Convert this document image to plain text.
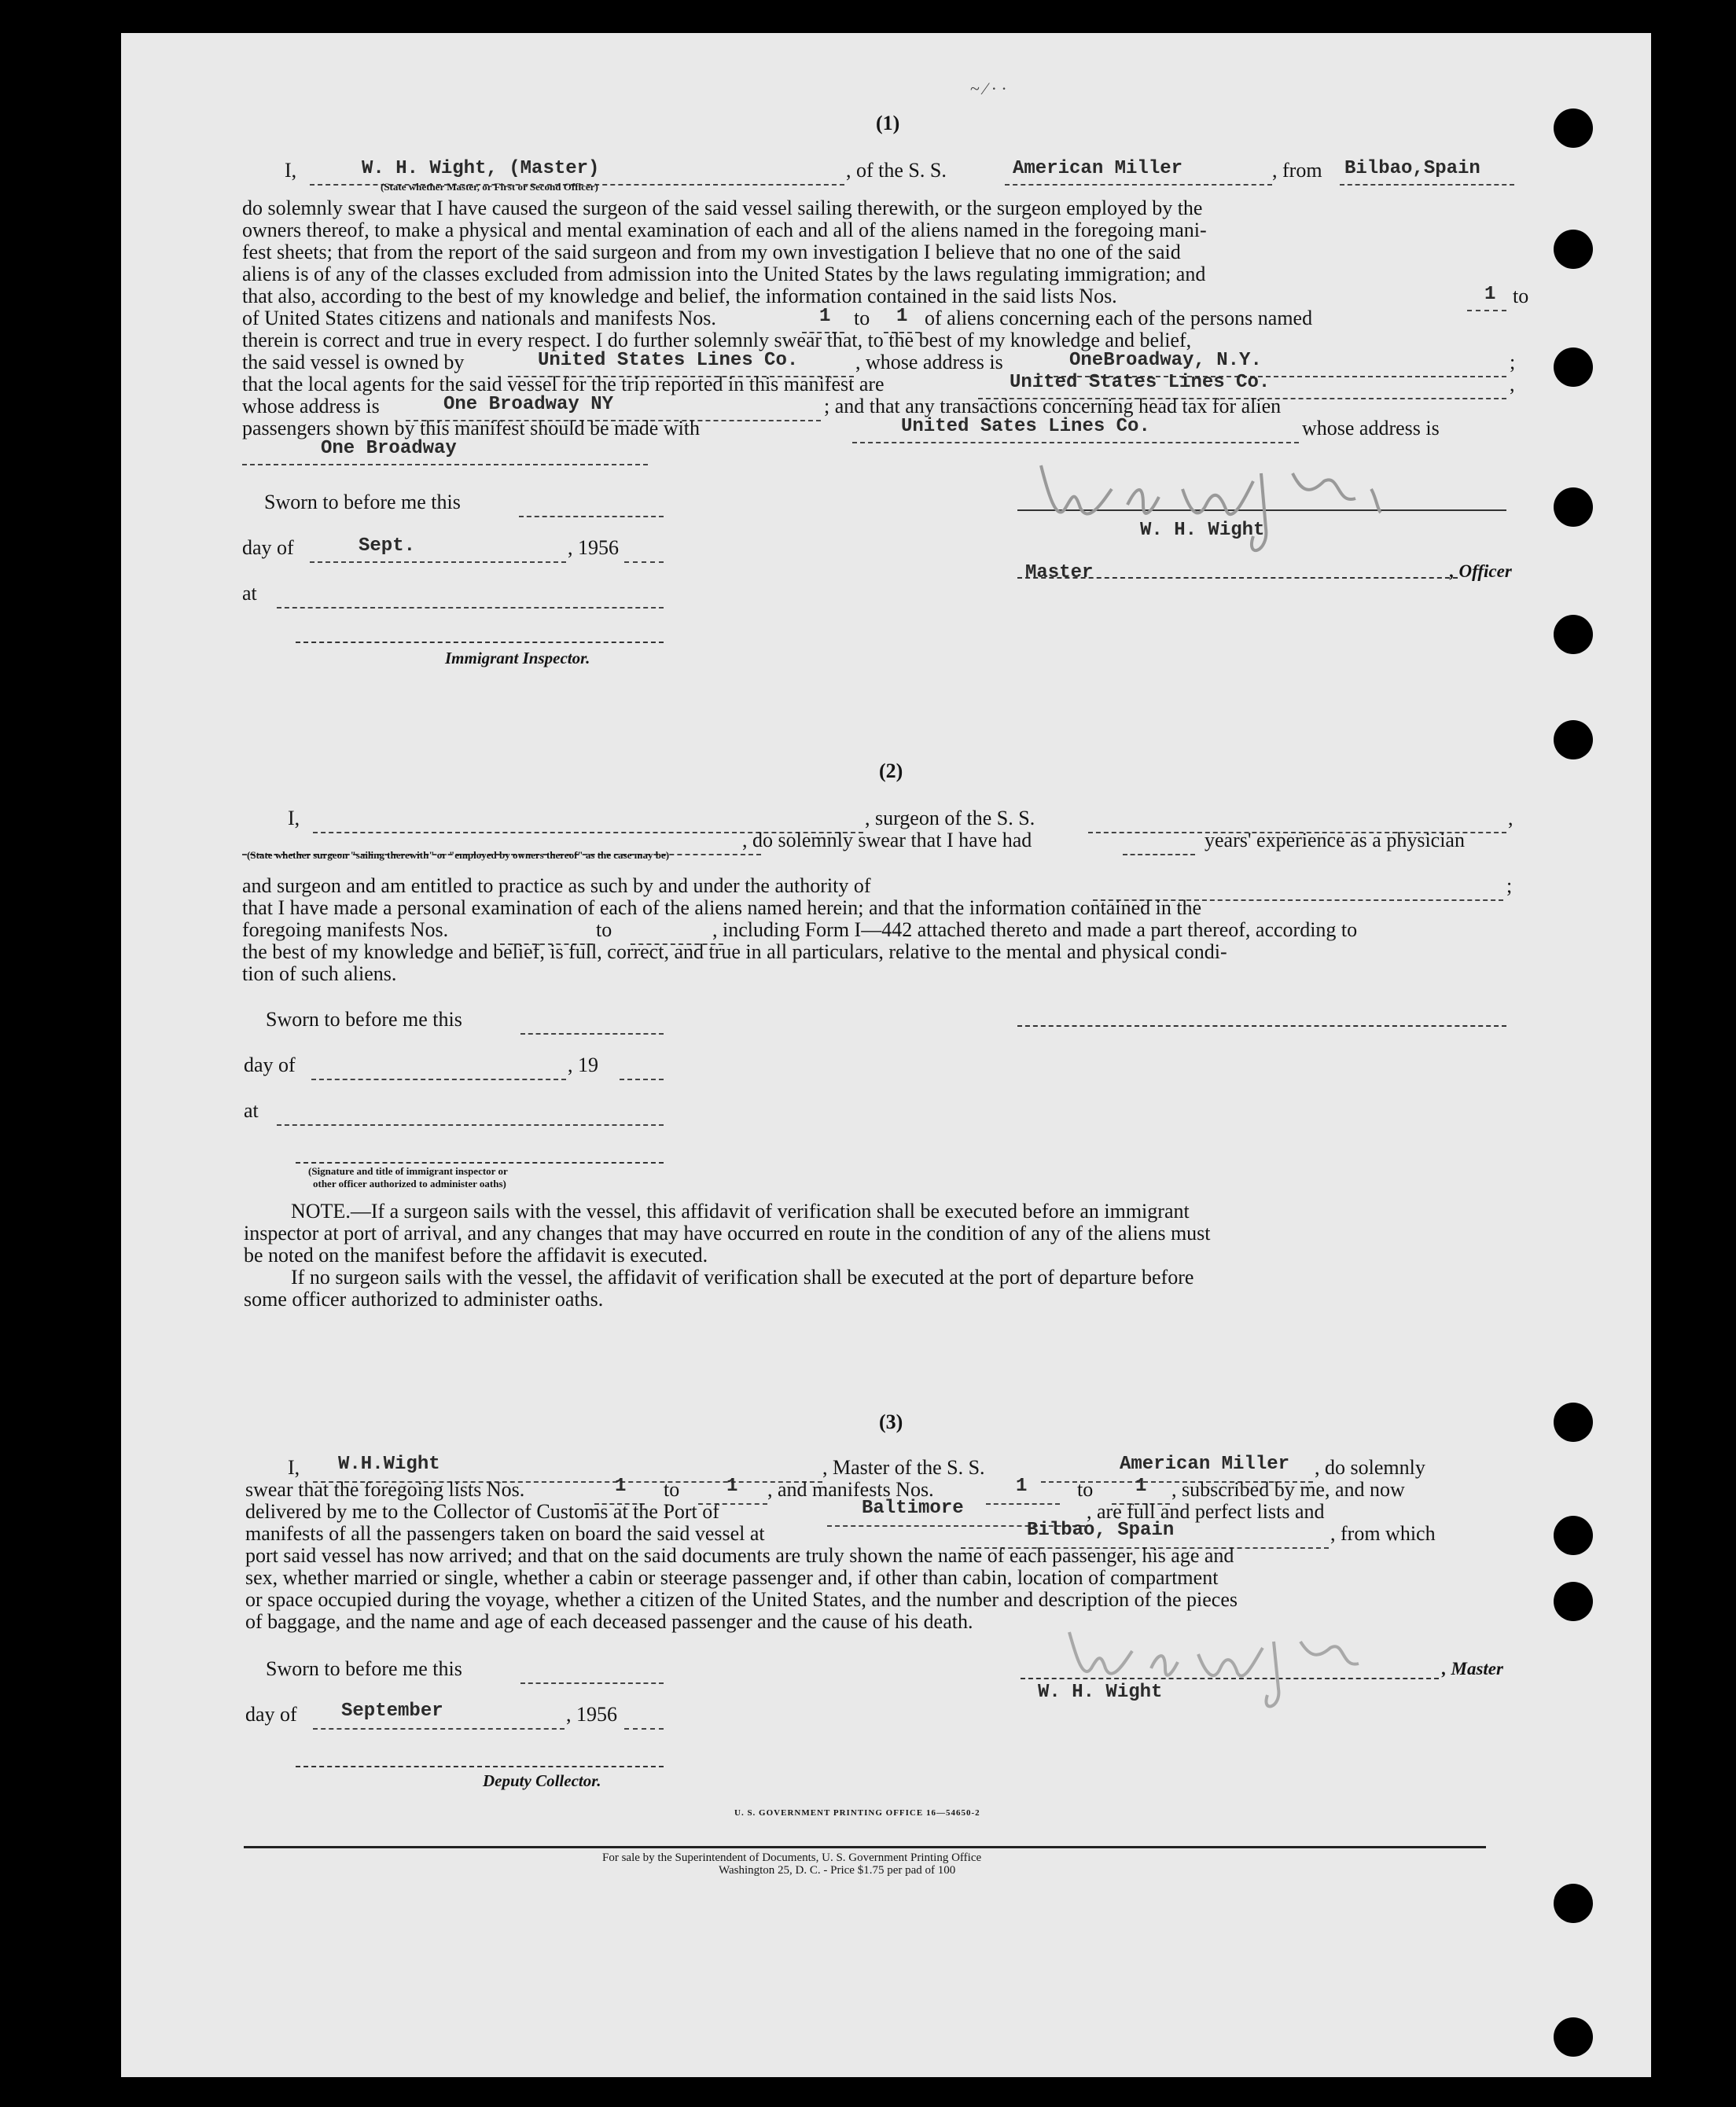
~ ⁄ · ·
(1)
I,	W. H. Wight, (Master)	, of the S. S.	American Miller	, from Bilbao,Spain
(State whether Master, or First or Second Officer)
do solemnly swear that I have caused the surgeon of the said vessel sailing therewith, or the surgeon employed by the
owners thereof, to make a physical and mental examination of each and all of the aliens named in the foregoing mani-
fest sheets; that from the report of the said surgeon and from my own investigation I believe that no one of the said
aliens is of any of the classes excluded from admission into the United States by the laws regulating immigration; and
that also, according to the best of my knowledge and belief, the information contained in the said lists Nos.	1 to
of United States citizens and nationals and manifests Nos.	1 to 1 of aliens concerning each of the persons named
therein is correct and true in every respect. I do further solemnly swear that, to the best of my knowledge and belief,
the said vessel is owned by	United States Lines Co.	, whose address is	OneBroadway, N.Y.	;
that the local agents for the said vessel for the trip reported in this manifest are	United States Lines Co.	,
whose address is	One Broadway NY	; and that any transactions concerning head tax for alien
passengers shown by this manifest should be made with	United Sates Lines Co.	whose address is
One Broadway
Sworn to before me this
day of	Sept.	, 1956
at
Immigrant Inspector.
W. H. Wight
Master	, Officer
(2)
I,	, surgeon of the S. S.	,
, do solemnly swear that I have had	years' experience as a physician
(State whether surgeon "sailing therewith" or "employed by owners thereof" as the case may be)
and surgeon and am entitled to practice as such by and under the authority of	;
that I have made a personal examination of each of the aliens named herein; and that the information contained in the
foregoing manifests Nos.	to	, including Form I—442 attached thereto and made a part thereof, according to
the best of my knowledge and belief, is full, correct, and true in all particulars, relative to the mental and physical condi-
tion of such aliens.
Sworn to before me this
day of	, 19
at
(Signature and title of immigrant inspector or
other officer authorized to administer oaths)
NOTE.—If a surgeon sails with the vessel, this affidavit of verification shall be executed before an immigrant
inspector at port of arrival, and any changes that may have occurred en route in the condition of any of the aliens must
be noted on the manifest before the affidavit is executed.
If no surgeon sails with the vessel, the affidavit of verification shall be executed at the port of departure before
some officer authorized to administer oaths.
(3)
I, W.H.Wight	, Master of the S. S.	American Miller , do solemnly
swear that the foregoing lists Nos.	1 to 1 , and manifests Nos.	1 to 1 , subscribed by me, and now
delivered by me to the Collector of Customs at the Port of	Baltimore	, are full and perfect lists and
manifests of all the passengers taken on board the said vessel at	Bilbao, Spain	, from which
port said vessel has now arrived; and that on the said documents are truly shown the name of each passenger, his age and
sex, whether married or single, whether a cabin or steerage passenger and, if other than cabin, location of compartment
or space occupied during the voyage, whether a citizen of the United States, and the number and description of the pieces
of baggage, and the name and age of each deceased passenger and the cause of his death.
Sworn to before me this	, Master
W. H. Wight
day of September	, 1956
Deputy Collector.
U. S. GOVERNMENT PRINTING OFFICE 16—54650-2
For sale by the Superintendent of Documents, U. S. Government Printing Office
Washington 25, D. C. - Price $1.75 per pad of 100
